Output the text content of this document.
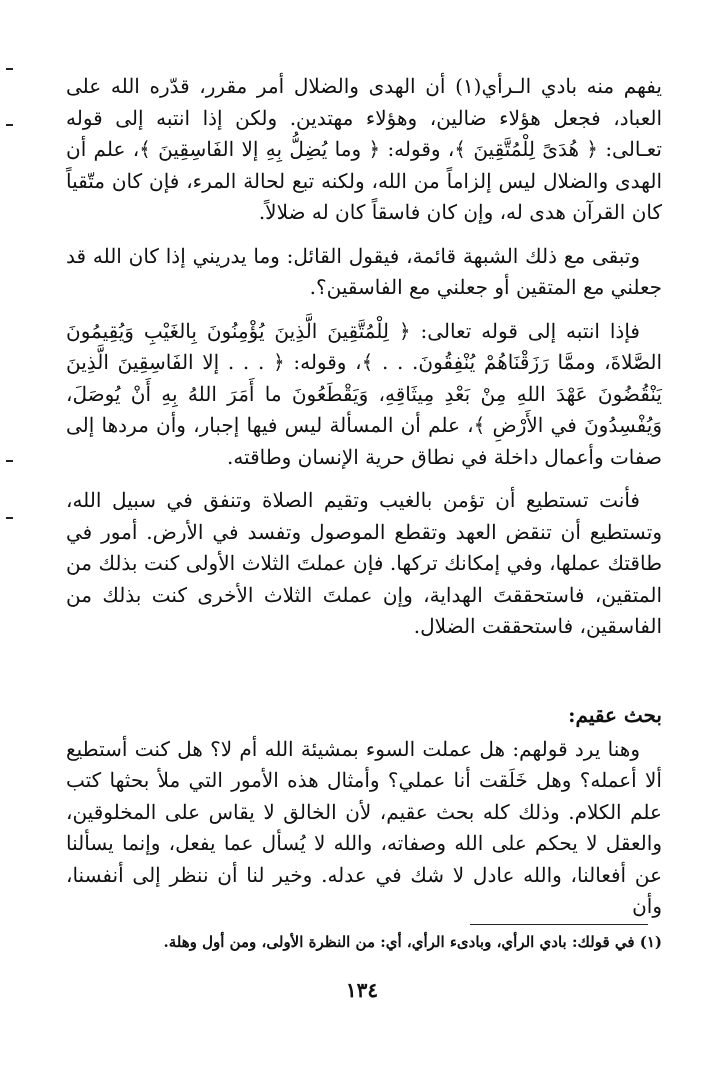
يفهم منه بادي الـرأي(١) أن الهدى والضلال أمر مقرر، قدّره الله على العباد، فجعل هؤلاء ضالين، وهؤلاء مهتدين. ولكن إذا انتبه إلى قوله تعـالى: ﴿ هُدَىً لِلْمُتَّقِينَ ﴾، وقوله: ﴿ وما يُضِلُّ بِهِ إلا الفَاسِقِينَ ﴾، علم أن الهدى والضلال ليس إلزاماً من الله، ولكنه تبع لحالة المرء، فإن كان متّقياً كان القرآن هدى له، وإن كان فاسقاً كان له ضلالاً.

وتبقى مع ذلك الشبهة قائمة، فيقول القائل: وما يدريني إذا كان الله قد جعلني مع المتقين أو جعلني مع الفاسقين؟.

فإذا انتبه إلى قوله تعالى: ﴿ لِلْمُتَّقِينَ الَّذِينَ يُؤْمِنُونَ بِالغَيْبِ وَيُقِيمُونَ الصَّلاةَ، وممَّا رَزَقْنَاهُمْ يُنْفِقُونَ. . . ﴾، وقوله: ﴿ . . . إلا الفَاسِقِينَ الَّذِينَ يَنْقُضُونَ عَهْدَ اللهِ مِنْ بَعْدِ مِيثَاقِهِ، وَيَقْطَعُونَ ما أَمَرَ اللهُ بِهِ أَنْ يُوصَلَ، وَيُفْسِدُونَ في الأَرْضِ ﴾، علم أن المسألة ليس فيها إجبار، وأن مردها إلى صفات وأعمال داخلة في نطاق حرية الإنسان وطاقته.

فأنت تستطيع أن تؤمن بالغيب وتقيم الصلاة وتنفق في سبيل الله، وتستطيع أن تنقض العهد وتقطع الموصول وتفسد في الأرض. أمور في طاقتك عملها، وفي إمكانك تركها. فإن عملتَ الثلاث الأولى كنت بذلك من المتقين، فاستحققتَ الهداية، وإن عملتَ الثلاث الأخرى كنت بذلك من الفاسقين، فاستحققت الضلال.

بحث عقيم:

وهنا يرد قولهم: هل عملت السوء بمشيئة الله أم لا؟ هل كنت أستطيع ألا أعمله؟ وهل خَلَقت أنا عملي؟ وأمثال هذه الأمور التي ملأ بحثها كتب علم الكلام. وذلك كله بحث عقيم، لأن الخالق لا يقاس على المخلوقين، والعقل لا يحكم على الله وصفاته، والله لا يُسأل عما يفعل، وإنما يسألنا عن أفعالنا، والله عادل لا شك في عدله. وخير لنا أن ننظر إلى أنفسنا، وأن

(١) في قولك: بادي الرأي، وبادىء الرأي، أي: من النظرة الأولى، ومن أول وهلة.
١٣٤
